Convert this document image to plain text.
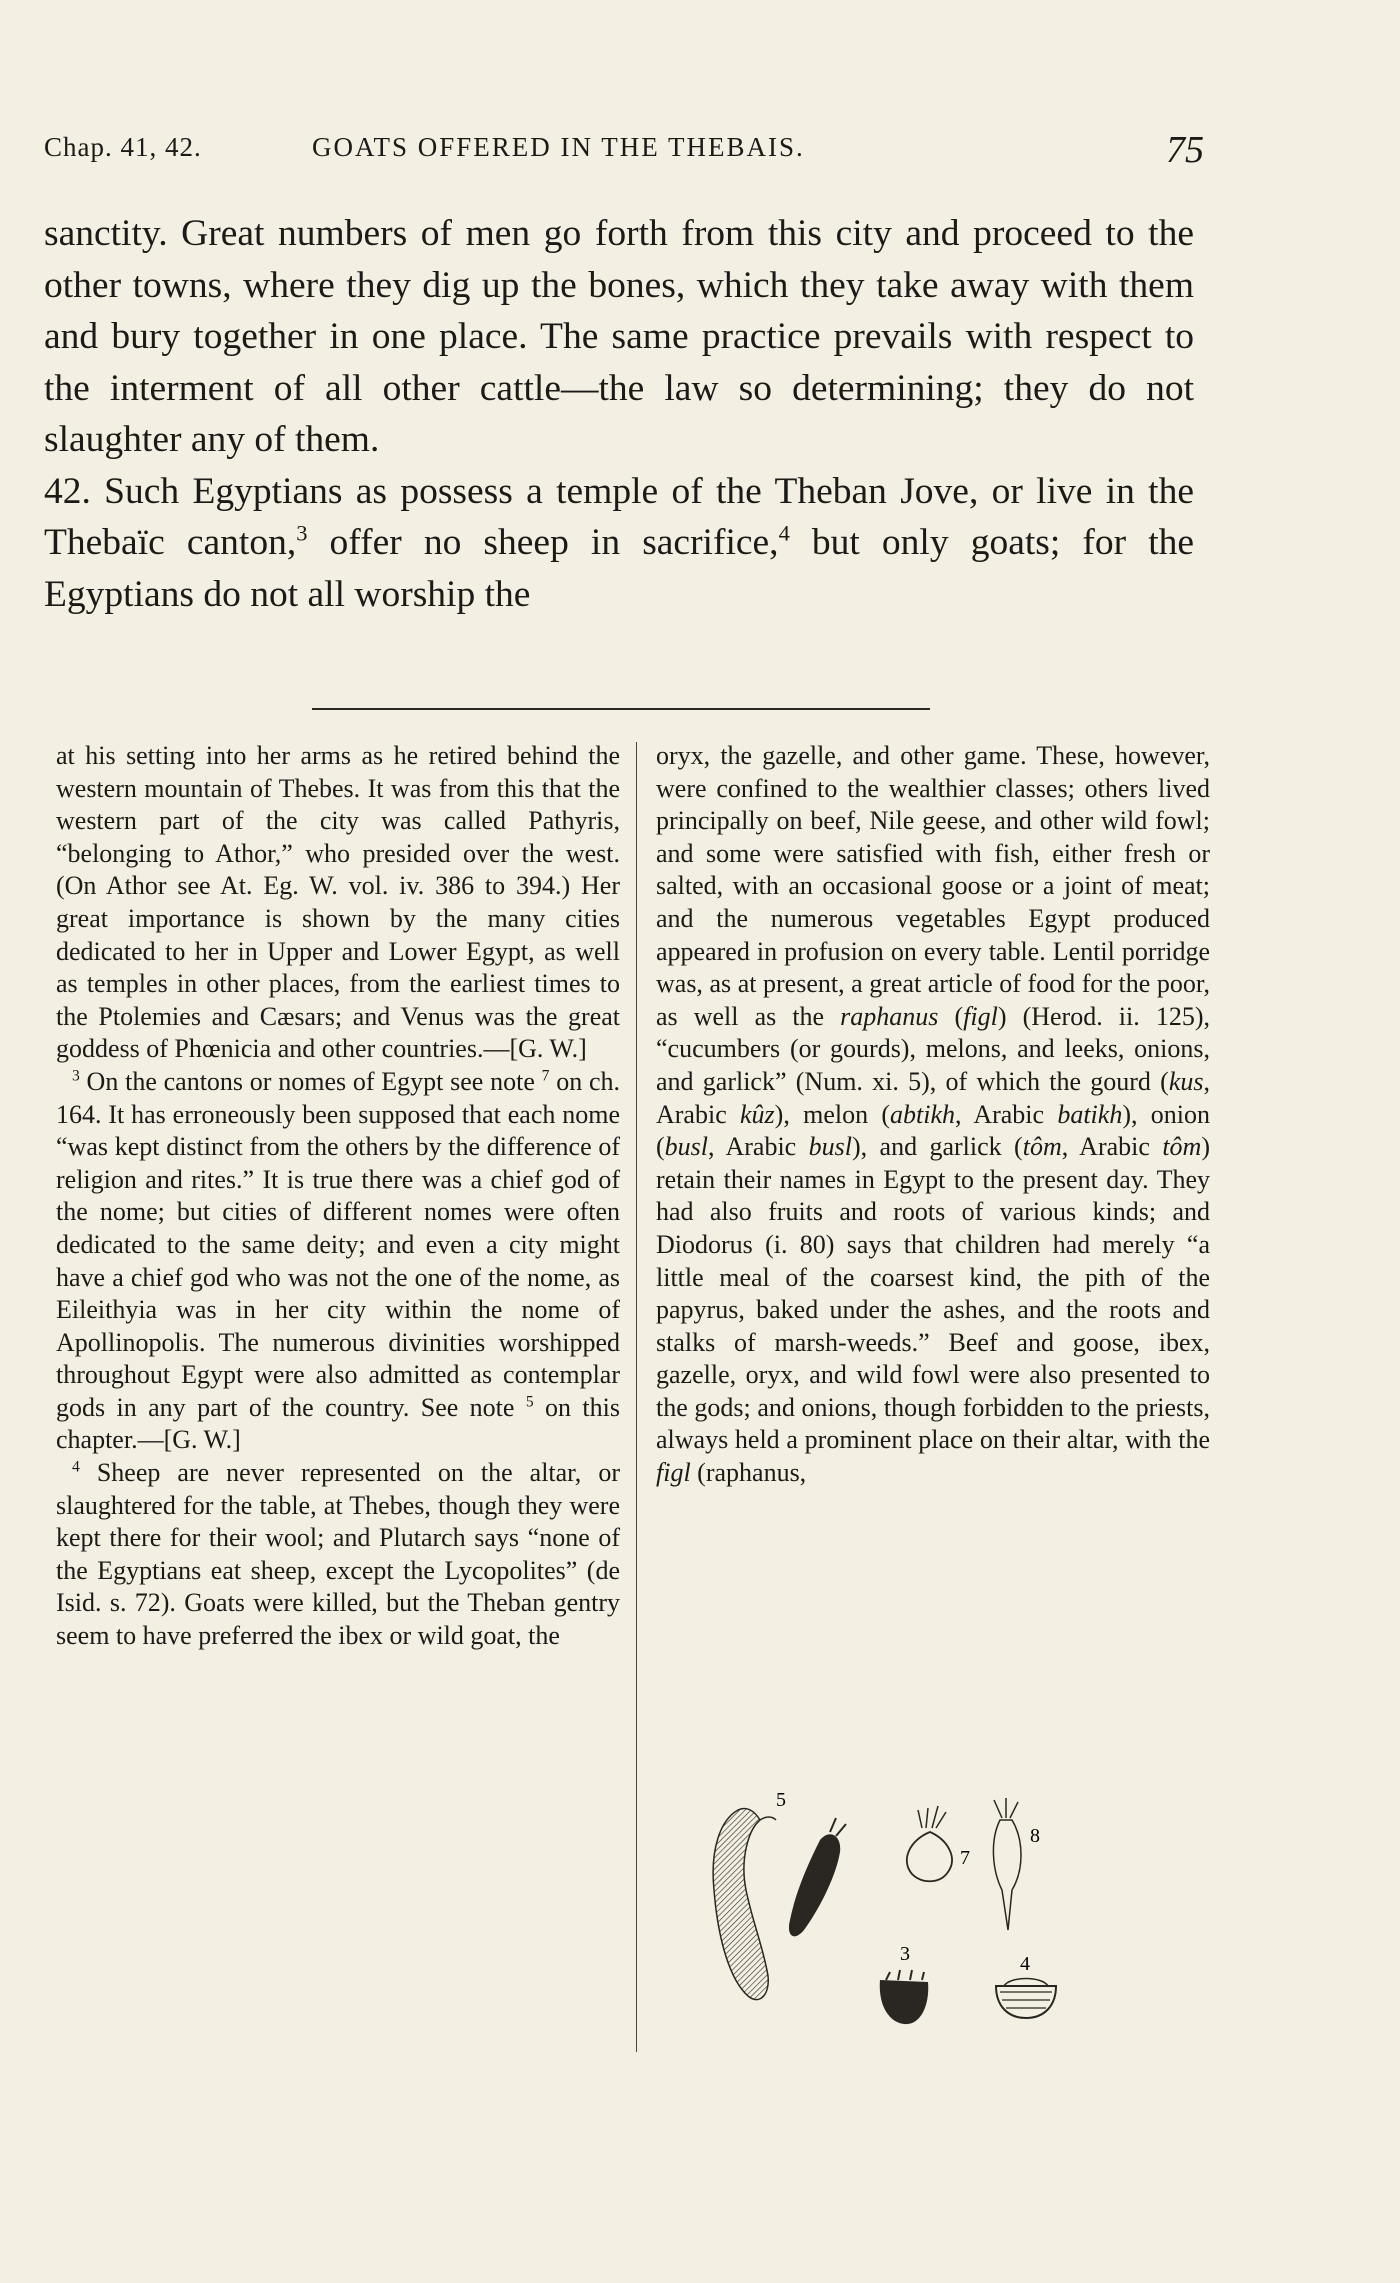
Chap. 41, 42.	GOATS OFFERED IN THE THEBAIS.	75

sanctity. Great numbers of men go forth from this city and proceed to the other towns, where they dig up the bones, which they take away with them and bury together in one place. The same practice prevails with respect to the interment of all other cattle—the law so determining; they do not slaughter any of them.

42. Such Egyptians as possess a temple of the Theban Jove, or live in the Thebaïc canton,$^3$ offer no sheep in sacrifice,$^4$ but only goats; for the Egyptians do not all worship the

at his setting into her arms as he retired behind the western mountain of Thebes. It was from this that the western part of the city was called Pathyris, “belonging to Athor,” who presided over the west. (On Athor see At. Eg. W. vol. iv. 386 to 394.) Her great importance is shown by the many cities dedicated to her in Upper and Lower Egypt, as well as temples in other places, from the earliest times to the Ptolemies and Cæsars; and Venus was the great goddess of Phœnicia and other countries.—[G. W.]

$^3$ On the cantons or nomes of Egypt see note $^7$ on ch. 164. It has erroneously been supposed that each nome “was kept distinct from the others by the difference of religion and rites.” It is true there was a chief god of the nome; but cities of different nomes were often dedicated to the same deity; and even a city might have a chief god who was not the one of the nome, as Eileithyia was in her city within the nome of Apollinopolis. The numerous divinities worshipped throughout Egypt were also admitted as contemplar gods in any part of the country. See note $^5$ on this chapter.—[G. W.]

$^4$ Sheep are never represented on the altar, or slaughtered for the table, at Thebes, though they were kept there for their wool; and Plutarch says “none of the Egyptians eat sheep, except the Lycopolites” (de Isid. s. 72). Goats were killed, but the Theban gentry seem to have preferred the ibex or wild goat, the

oryx, the gazelle, and other game. These, however, were confined to the wealthier classes; others lived principally on beef, Nile geese, and other wild fowl; and some were satisfied with fish, either fresh or salted, with an occasional goose or a joint of meat; and the numerous vegetables Egypt produced appeared in profusion on every table. Lentil porridge was, as at present, a great article of food for the poor, as well as the raphanus (figl) (Herod. ii. 125), “cucumbers (or gourds), melons, and leeks, onions, and garlick” (Num. xi. 5), of which the gourd (kus, Arabic kûz), melon (abtikh, Arabic batikh), onion (busl, Arabic busl), and garlick (tôm, Arabic tôm) retain their names in Egypt to the present day. They had also fruits and roots of various kinds; and Diodorus (i. 80) says that children had merely “a little meal of the coarsest kind, the pith of the papyrus, baked under the ashes, and the roots and stalks of marsh-weeds.” Beef and goose, ibex, gazelle, oryx, and wild fowl were also presented to the gods; and onions, though forbidden to the priests, always held a prominent place on their altar, with the figl (raphanus,

5
7
8
3	4
